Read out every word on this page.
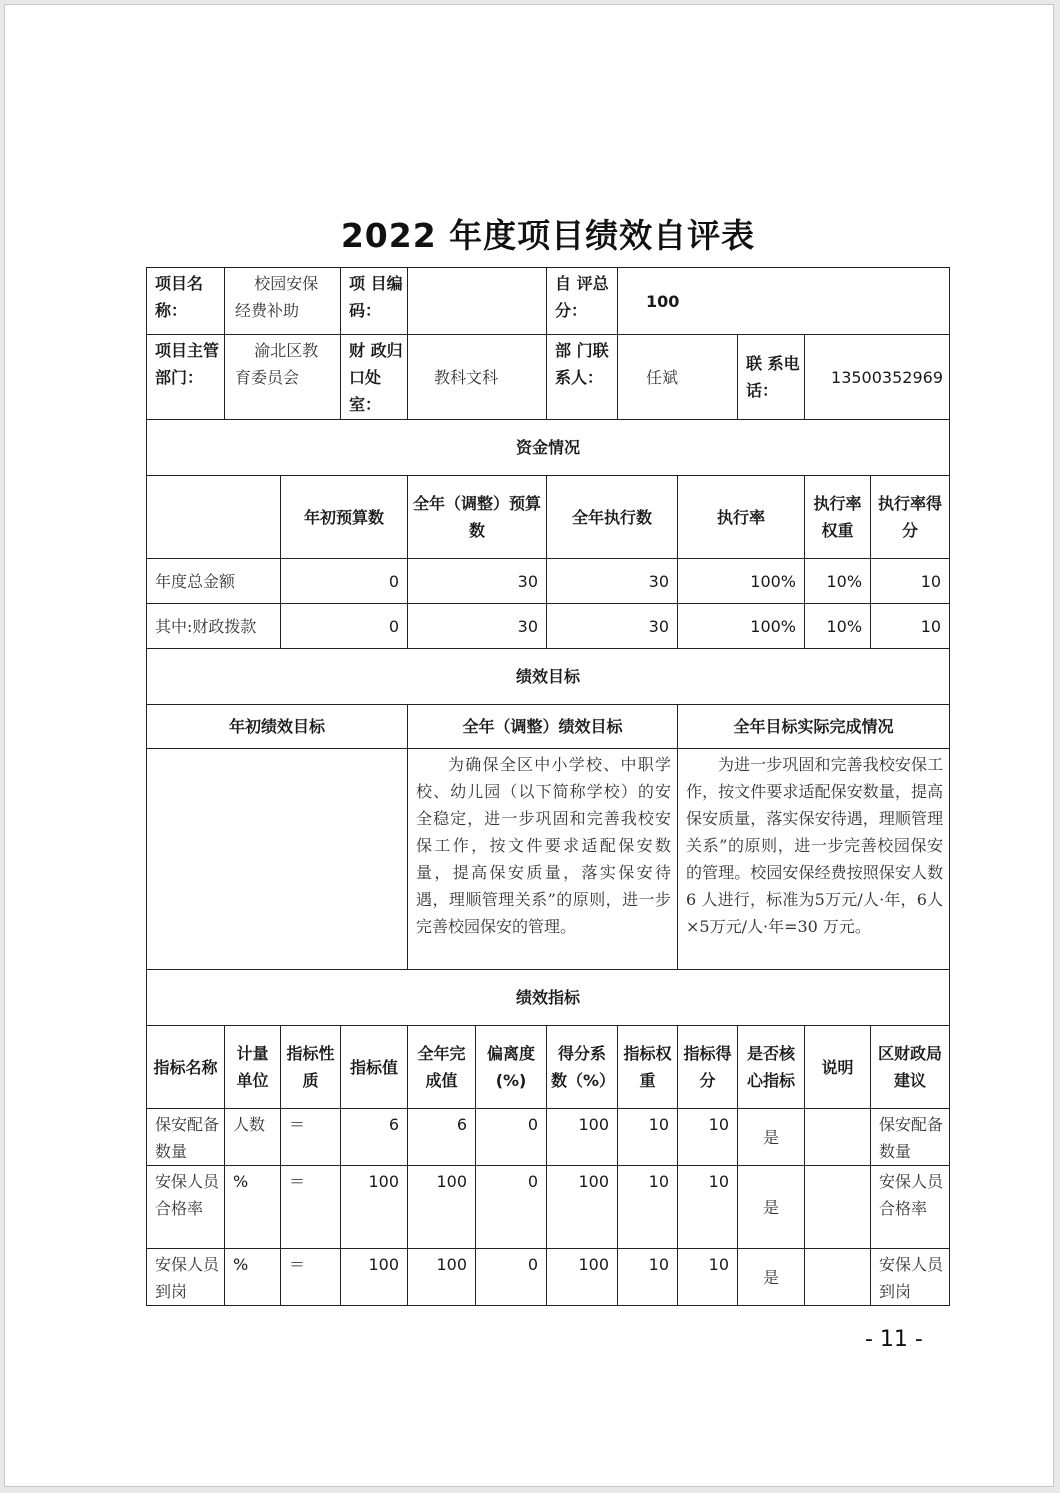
2022 年度项目绩效自评表
项目名称：	校园安保经费补助		项 目编码：			自 评总分：	100				
项目主管 部门：	渝北区教育委员会		财 政归 口处室：	教科文科		部 门联 系人：	任斌		联 系电话：	13500352969	
资金情况											
		年初预算数		全年（调整）预算数		全年执行数		执行率		执行率权重	执行率得分
年度总金额		0		30		30		100%		10%	10
其中:财政拨款		0		30		30		100%		10%	10
绩效目标											
年初绩效目标				全年（调整）绩效目标				全年目标实际完成情况			
				为确保全区中小学校、中职学校、幼儿园（以下简称学校）的安全稳定，进一步巩固和完善我校安保工作，按文件要求适配保安数量，提高保安质量，落实保安待遇，理顺管理关系”的原则，进一步完善校园保安的管理。				为进一步巩固和完善我校安保工作，按文件要求适配保安数量，提高保安质量，落实保安待遇，理顺管理关系”的原则，进一步完善校园保安的管理。校园安保经费按照保安人数 6 人进行，标准为5万元/人·年，6人×5万元/人·年=30 万元。			
绩效指标											
指标名称	计量单位	指标性质	指标值	全年完成值	偏离度(%)	得分系数（%）	指标权重	指标得分	是否核心指标	说明	区财政局建议
保安配备数量	人数	＝	6	6	0	100	10	10	是		保安配备数量
安保人员合格率	%	＝	100	100	0	100	10	10	是		安保人员合格率
安保人员到岗	%	＝	100	100	0	100	10	10	是		安保人员到岗
- 11 -
